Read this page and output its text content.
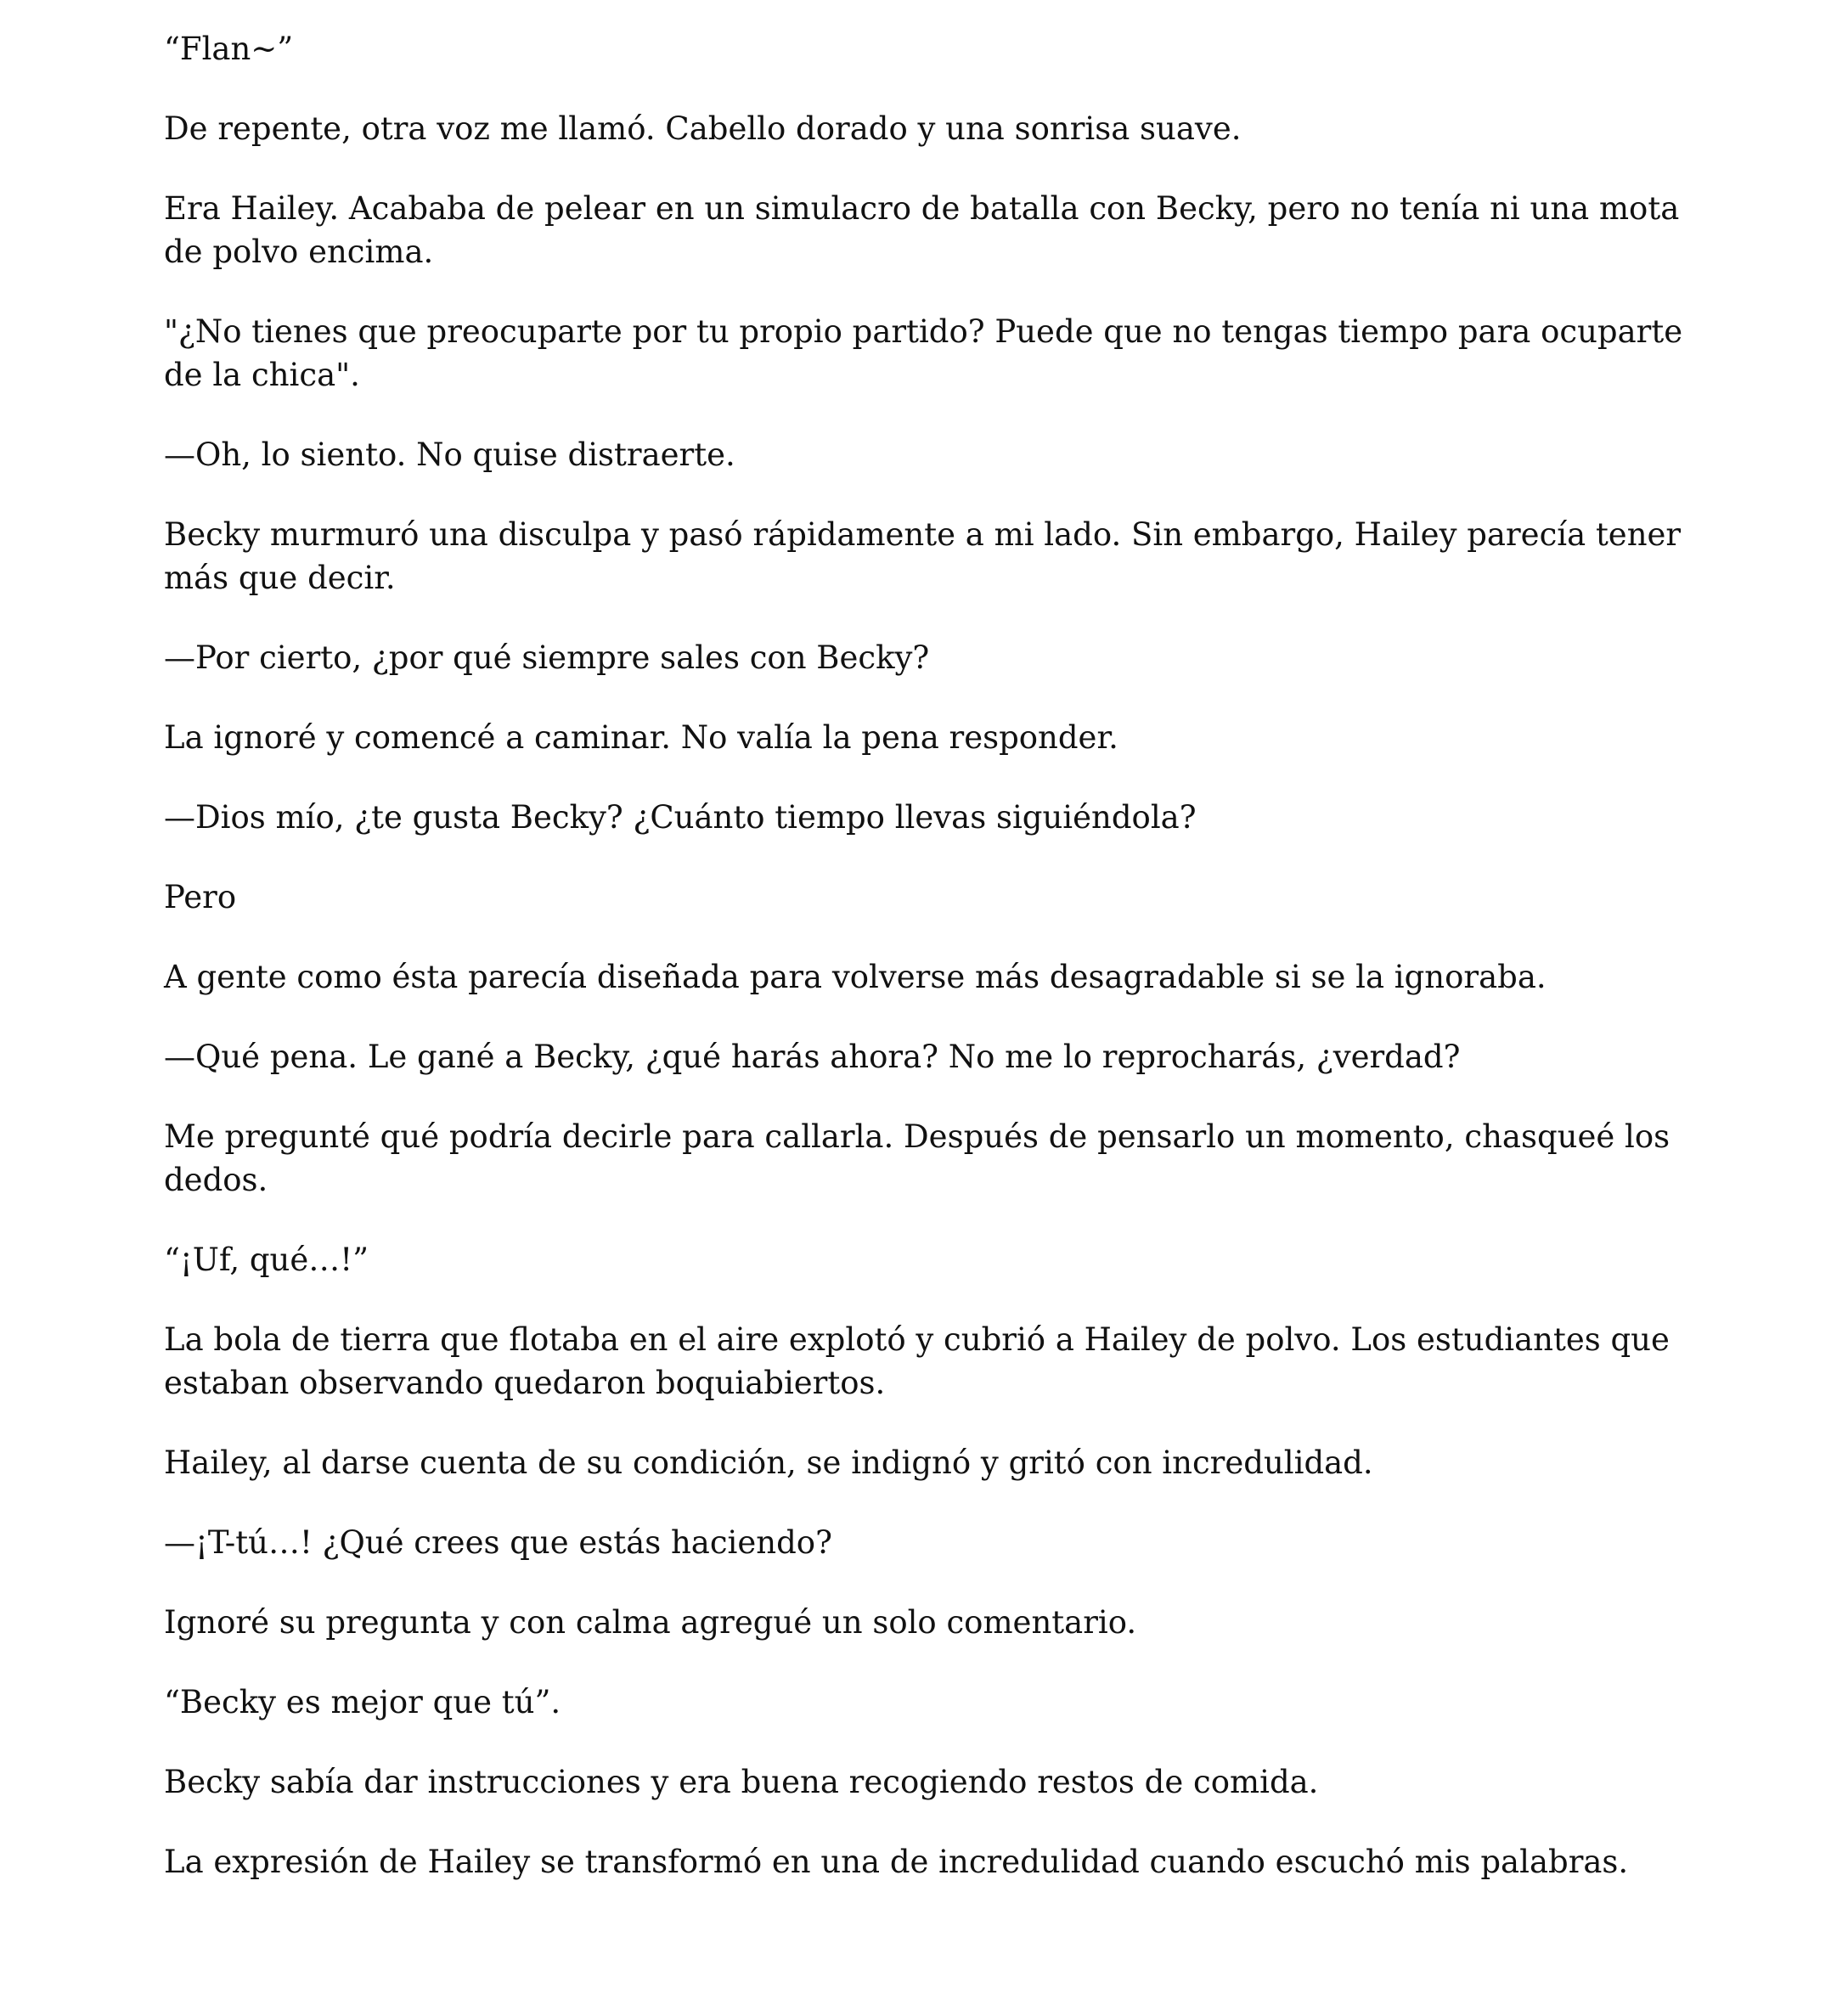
“Flan~”

De repente, otra voz me llamó. Cabello dorado y una sonrisa suave.

Era Hailey. Acababa de pelear en un simulacro de batalla con Becky, pero no tenía ni una mota de polvo encima.

"¿No tienes que preocuparte por tu propio partido? Puede que no tengas tiempo para ocuparte de la chica".

—Oh, lo siento. No quise distraerte.

Becky murmuró una disculpa y pasó rápidamente a mi lado. Sin embargo, Hailey parecía tener más que decir.

—Por cierto, ¿por qué siempre sales con Becky?

La ignoré y comencé a caminar. No valía la pena responder.

—Dios mío, ¿te gusta Becky? ¿Cuánto tiempo llevas siguiéndola?

Pero

A gente como ésta parecía diseñada para volverse más desagradable si se la ignoraba.

—Qué pena. Le gané a Becky, ¿qué harás ahora? No me lo reprocharás, ¿verdad?

Me pregunté qué podría decirle para callarla. Después de pensarlo un momento, chasqueé los dedos.

“¡Uf, qué…!”

La bola de tierra que flotaba en el aire explotó y cubrió a Hailey de polvo. Los estudiantes que estaban observando quedaron boquiabiertos.

Hailey, al darse cuenta de su condición, se indignó y gritó con incredulidad.

—¡T-tú…! ¿Qué crees que estás haciendo?

Ignoré su pregunta y con calma agregué un solo comentario.

“Becky es mejor que tú”.

Becky sabía dar instrucciones y era buena recogiendo restos de comida.

La expresión de Hailey se transformó en una de incredulidad cuando escuchó mis palabras.
